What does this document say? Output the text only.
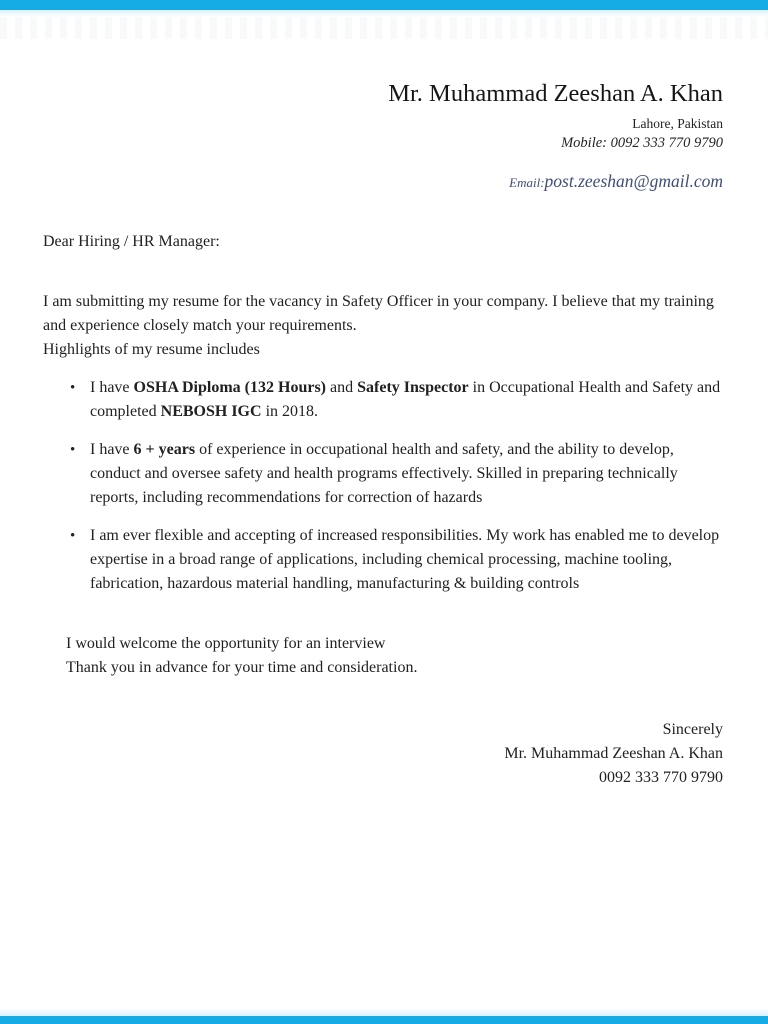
Mr. Muhammad Zeeshan A. Khan
Lahore, Pakistan
Mobile: 0092 333 770 9790
Email:post.zeeshan@gmail.com

Dear Hiring / HR Manager:

I am submitting my resume for the vacancy in Safety Officer in your company. I believe that my training and experience closely match your requirements.

Highlights of my resume includes

• I have OSHA Diploma (132 Hours) and Safety Inspector in Occupational Health and Safety and completed NEBOSH IGC in 2018.
• I have 6 + years of experience in occupational health and safety, and the ability to develop, conduct and oversee safety and health programs effectively. Skilled in preparing technically reports, including recommendations for correction of hazards
• I am ever flexible and accepting of increased responsibilities. My work has enabled me to develop expertise in a broad range of applications, including chemical processing, machine tooling, fabrication, hazardous material handling, manufacturing & building controls

I would welcome the opportunity for an interview

Thank you in advance for your time and consideration.

Sincerely
Mr. Muhammad Zeeshan A. Khan
0092 333 770 9790
